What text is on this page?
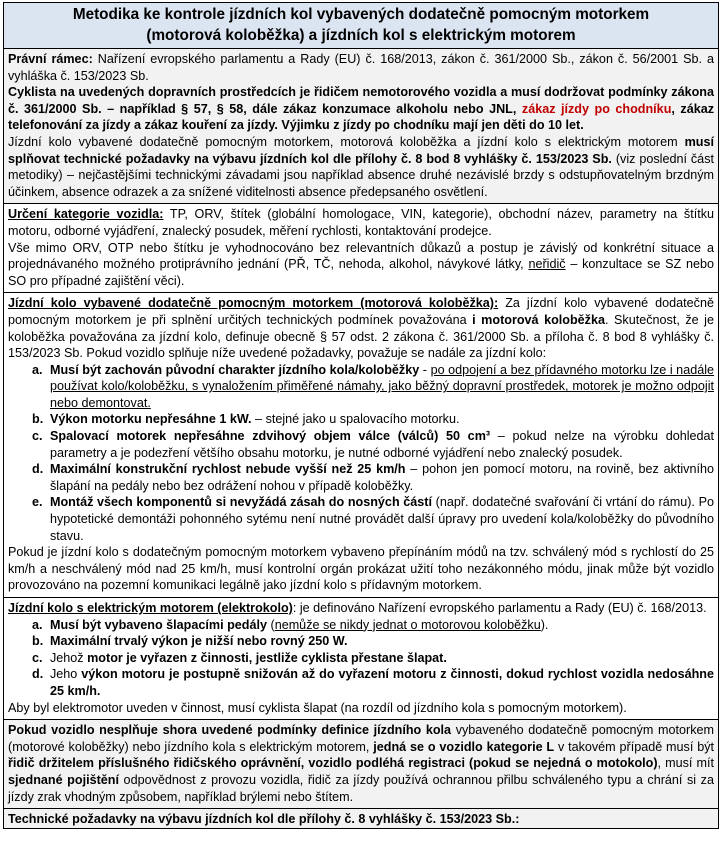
Metodika ke kontrole jízdních kol vybavených dodatečně pomocným motorkem
(motorová koloběžka) a jízdních kol s elektrickým motorem

Právní rámec: Nařízení evropského parlamentu a Rady (EU) č. 168/2013, zákon č. 361/2000 Sb., zákon č. 56/2001 Sb. a vyhláška č. 153/2023 Sb.

Cyklista na uvedených dopravních prostředcích je řidičem nemotorového vozidla a musí dodržovat podmínky zákona č. 361/2000 Sb. – například § 57, § 58, dále zákaz konzumace alkoholu nebo JNL, zákaz jízdy po chodníku, zákaz telefonování za jízdy a zákaz kouření za jízdy. Výjimku z jízdy po chodníku mají jen děti do 10 let.

Jízdní kolo vybavené dodatečně pomocným motorkem, motorová koloběžka a jízdní kolo s elektrickým motorem musí splňovat technické požadavky na výbavu jízdních kol dle přílohy č. 8 bod 8 vyhlášky č. 153/2023 Sb. (viz poslední část metodiky) – nejčastějšími technickými závadami jsou například absence druhé nezávislé brzdy s odstupňovatelným brzdným účinkem, absence odrazek a za snížené viditelnosti absence předepsaného osvětlení.

Určení kategorie vozidla: TP, ORV, štítek (globální homologace, VIN, kategorie), obchodní název, parametry na štítku motoru, odborné vyjádření, znalecký posudek, měření rychlosti, kontaktování prodejce.

Vše mimo ORV, OTP nebo štítku je vyhodnocováno bez relevantních důkazů a postup je závislý od konkrétní situace a projednávaného možného protiprávního jednání (PŘ, TČ, nehoda, alkohol, návykové látky, neřidič – konzultace se SZ nebo SO pro případné zajištění věci).

Jízdní kolo vybavené dodatečně pomocným motorkem (motorová koloběžka): Za jízdní kolo vybavené dodatečně pomocným motorkem je při splnění určitých technických podmínek považována i motorová koloběžka. Skutečnost, že je koloběžka považována za jízdní kolo, definuje obecně § 57 odst. 2 zákona č. 361/2000 Sb. a příloha č. 8 bod 8 vyhlášky č. 153/2023 Sb. Pokud vozidlo splňuje níže uvedené požadavky, považuje se nadále za jízdní kolo:

a. Musí být zachován původní charakter jízdního kola/koloběžky - po odpojení a bez přídavného motorku lze i nadále používat kolo/koloběžku, s vynaložením přiměřené námahy, jako běžný dopravní prostředek, motorek je možno odpojit nebo demontovat.
b. Výkon motorku nepřesáhne 1 kW. – stejné jako u spalovacího motorku.
c. Spalovací motorek nepřesáhne zdvihový objem válce (válců) 50 cm³ – pokud nelze na výrobku dohledat parametry a je podezření většího obsahu motorku, je nutné odborné vyjádření nebo znalecký posudek.
d. Maximální konstrukční rychlost nebude vyšší než 25 km/h – pohon jen pomocí motoru, na rovině, bez aktivního šlapání na pedály nebo bez odrážení nohou v případě koloběžky.
e. Montáž všech komponentů si nevyžádá zásah do nosných částí (např. dodatečné svařování či vrtání do rámu). Po hypotetické demontáži pohonného sytému není nutné provádět další úpravy pro uvedení kola/koloběžky do původního stavu.

Pokud je jízdní kolo s dodatečným pomocným motorkem vybaveno přepínáním módů na tzv. schválený mód s rychlostí do 25 km/h a neschválený mód nad 25 km/h, musí kontrolní orgán prokázat užití toho nezákonného módu, jinak může být vozidlo provozováno na pozemní komunikaci legálně jako jízdní kolo s přídavným motorkem.

Jízdní kolo s elektrickým motorem (elektrokolo): je definováno Nařízení evropského parlamentu a Rady (EU) č. 168/2013.

a. Musí být vybaveno šlapacími pedály (nemůže se nikdy jednat o motorovou koloběžku).
b. Maximální trvalý výkon je nižší nebo rovný 250 W.
c. Jehož motor je vyřazen z činnosti, jestliže cyklista přestane šlapat.
d. Jeho výkon motoru je postupně snižován až do vyřazení motoru z činnosti, dokud rychlost vozidla nedosáhne 25 km/h.

Aby byl elektromotor uveden v činnost, musí cyklista šlapat (na rozdíl od jízdního kola s pomocným motorkem).

Pokud vozidlo nesplňuje shora uvedené podmínky definice jízdního kola vybaveného dodatečně pomocným motorkem (motorové koloběžky) nebo jízdního kola s elektrickým motorem, jedná se o vozidlo kategorie L v takovém případě musí být řidič držitelem příslušného řidičského oprávnění, vozidlo podléhá registraci (pokud se nejedná o motokolo), musí mít sjednané pojištění odpovědnost z provozu vozidla, řidič za jízdy používá ochrannou přilbu schváleného typu a chrání si za jízdy zrak vhodným způsobem, například brýlemi nebo štítem.

Technické požadavky na výbavu jízdních kol dle přílohy č. 8 vyhlášky č. 153/2023 Sb.:
